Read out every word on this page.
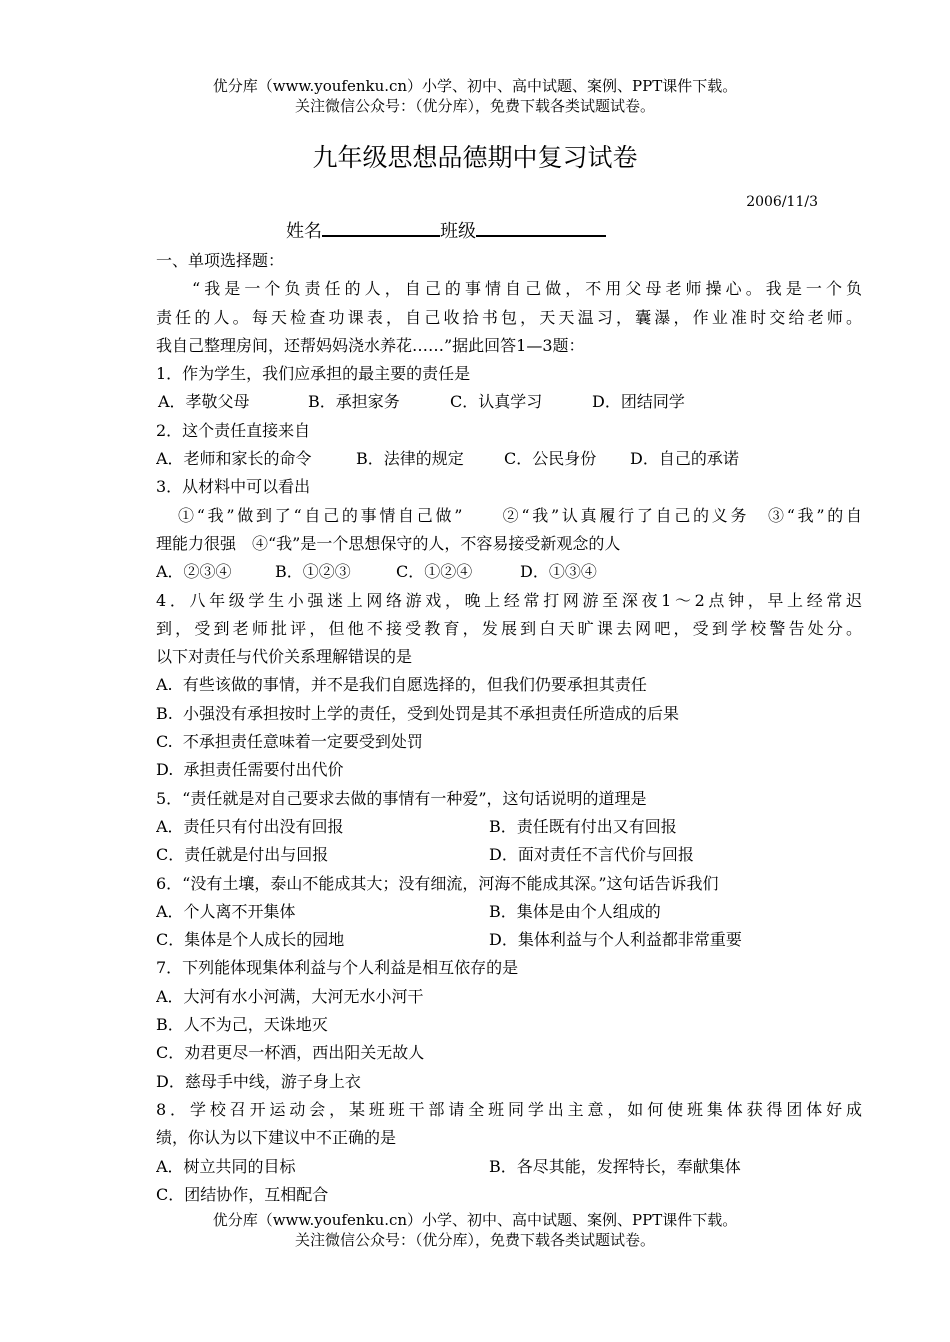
优分库（www.youfenku.cn）小学、初中、高中试题、案例、PPT课件下载。
关注微信公众号：（优分库），免费下载各类试题试卷。
九年级思想品德期中复习试卷
2006/11/3
姓名	班级
一、单项选择题：
“我是一个负责任的人，自己的事情自己做，不用父母老师操心。我是一个负
责任的人。每天检查功课表，自己收拾书包，天天温习，囊瀑，作业准时交给老师。
我自己整理房间，还帮妈妈浇水养花……”据此回答1—3题：
1．作为学生，我们应承担的最主要的责任是
A．孝敬父母	B．承担家务	C．认真学习	D．团结同学
2．这个责任直接来自
A．老师和家长的命令	B．法律的规定	C．公民身份 D．自己的承诺
3．从材料中可以看出
①“我”做到了“自己的事情自己做”　　②“我”认真履行了自己的义务　③“我”的自
理能力很强　④“我”是一个思想保守的人，不容易接受新观念的人
A．②③④	B．①②③	C．①②④	D．①③④
4．八年级学生小强迷上网络游戏，晚上经常打网游至深夜1～2点钟，早上经常迟
到，受到老师批评，但他不接受教育，发展到白天旷课去网吧，受到学校警告处分。
以下对责任与代价关系理解错误的是
A.  有些该做的事情，并不是我们自愿选择的，但我们仍要承担其责任
B.  小强没有承担按时上学的责任，受到处罚是其不承担责任所造成的后果
C.  不承担责任意味着一定要受到处罚
D.  承担责任需要付出代价
5．“责任就是对自己要求去做的事情有一种爱”，这句话说明的道理是
A．责任只有付出没有回报	B．责任既有付出又有回报
C．责任就是付出与回报	D．面对责任不言代价与回报
6．“没有土壤，泰山不能成其大；没有细流，河海不能成其深。”这句话告诉我们
A．个人离不开集体	B．集体是由个人组成的
C．集体是个人成长的园地	D．集体利益与个人利益都非常重要
7．下列能体现集体利益与个人利益是相互依存的是
A．大河有水小河满，大河无水小河干
B．人不为己，天诛地灭
C．劝君更尽一杯酒，西出阳关无故人
D．慈母手中线，游子身上衣
8．学校召开运动会，某班班干部请全班同学出主意，如何使班集体获得团体好成
绩，你认为以下建议中不正确的是
A．树立共同的目标	B．各尽其能，发挥特长，奉献集体
C．团结协作，互相配合
优分库（www.youfenku.cn）小学、初中、高中试题、案例、PPT课件下载。
关注微信公众号：（优分库），免费下载各类试题试卷。
